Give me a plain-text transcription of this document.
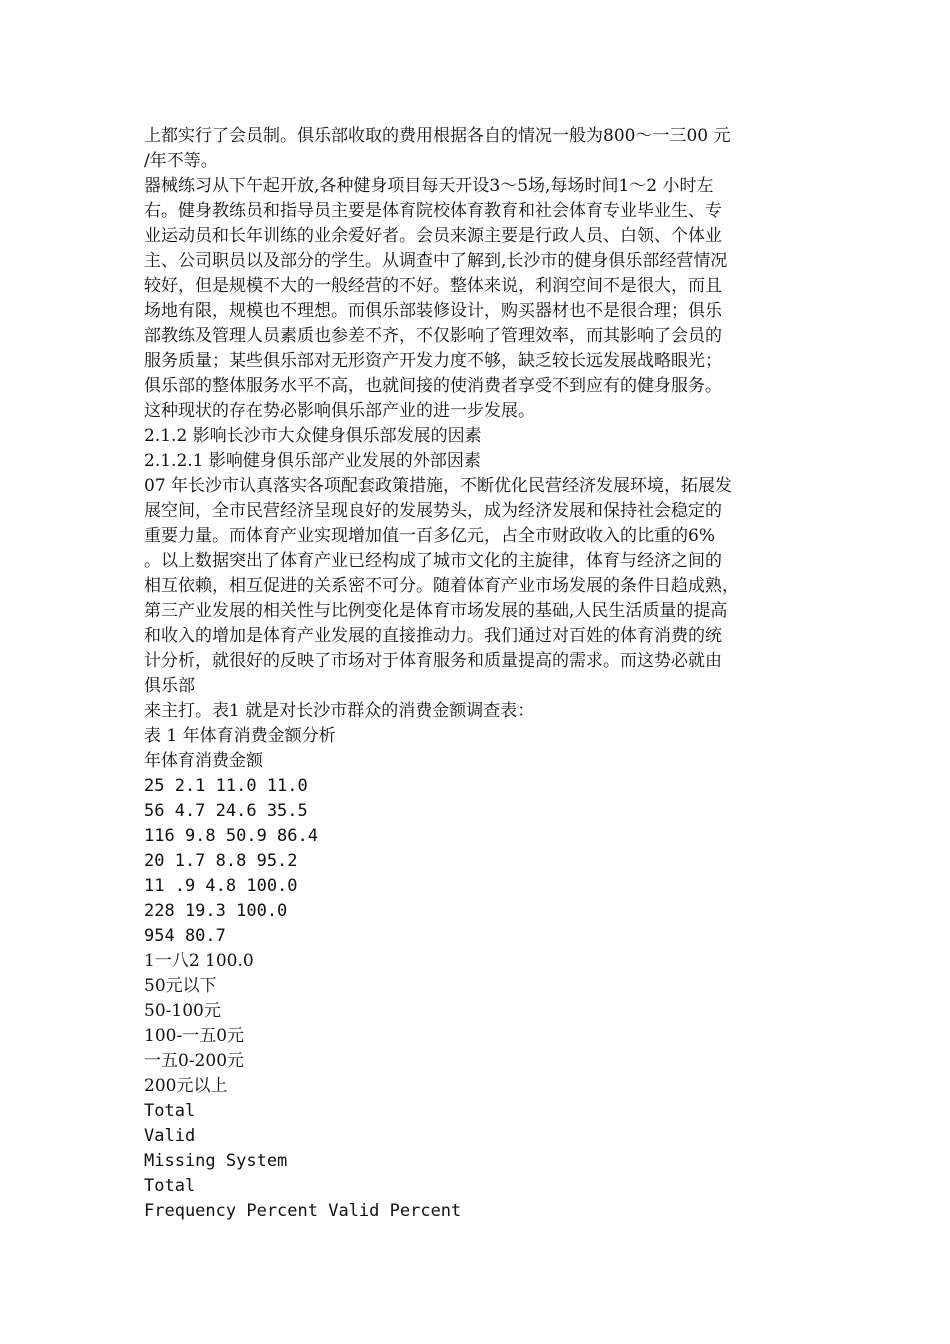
上都实行了会员制。俱乐部收取的费用根据各自的情况一般为800～一三00 元
/年不等。
器械练习从下午起开放,各种健身项目每天开设3～5场,每场时间1～2 小时左
右。健身教练员和指导员主要是体育院校体育教育和社会体育专业毕业生、专
业运动员和长年训练的业余爱好者。会员来源主要是行政人员、白领、个体业
主、公司职员以及部分的学生。从调查中了解到,长沙市的健身俱乐部经营情况
较好，但是规模不大的一般经营的不好。整体来说，利润空间不是很大，而且
场地有限，规模也不理想。而俱乐部装修设计，购买器材也不是很合理；俱乐
部教练及管理人员素质也参差不齐，不仅影响了管理效率，而其影响了会员的
服务质量；某些俱乐部对无形资产开发力度不够，缺乏较长远发展战略眼光；
俱乐部的整体服务水平不高，也就间接的使消费者享受不到应有的健身服务。
这种现状的存在势必影响俱乐部产业的进一步发展。
2.1.2 影响长沙市大众健身俱乐部发展的因素
2.1.2.1 影响健身俱乐部产业发展的外部因素
07 年长沙市认真落实各项配套政策措施，不断优化民营经济发展环境，拓展发
展空间，全市民营经济呈现良好的发展势头，成为经济发展和保持社会稳定的
重要力量。而体育产业实现增加值一百多亿元，占全市财政收入的比重的6%
。以上数据突出了体育产业已经构成了城市文化的主旋律，体育与经济之间的
相互依赖，相互促进的关系密不可分。随着体育产业市场发展的条件日趋成熟，
第三产业发展的相关性与比例变化是体育市场发展的基础,人民生活质量的提高
和收入的增加是体育产业发展的直接推动力。我们通过对百姓的体育消费的统
计分析，就很好的反映了市场对于体育服务和质量提高的需求。而这势必就由
俱乐部
来主打。表1 就是对长沙市群众的消费金额调查表：
表 1 年体育消费金额分析
年体育消费金额
25 2.1 11.0 11.0
56 4.7 24.6 35.5
116 9.8 50.9 86.4
20 1.7 8.8 95.2
11 .9 4.8 100.0
228 19.3 100.0
954 80.7
1一八2 100.0
50元以下
50-100元
100-一五0元
一五0-200元
200元以上
Total
Valid
Missing System
Total
Frequency Percent Valid Percent
